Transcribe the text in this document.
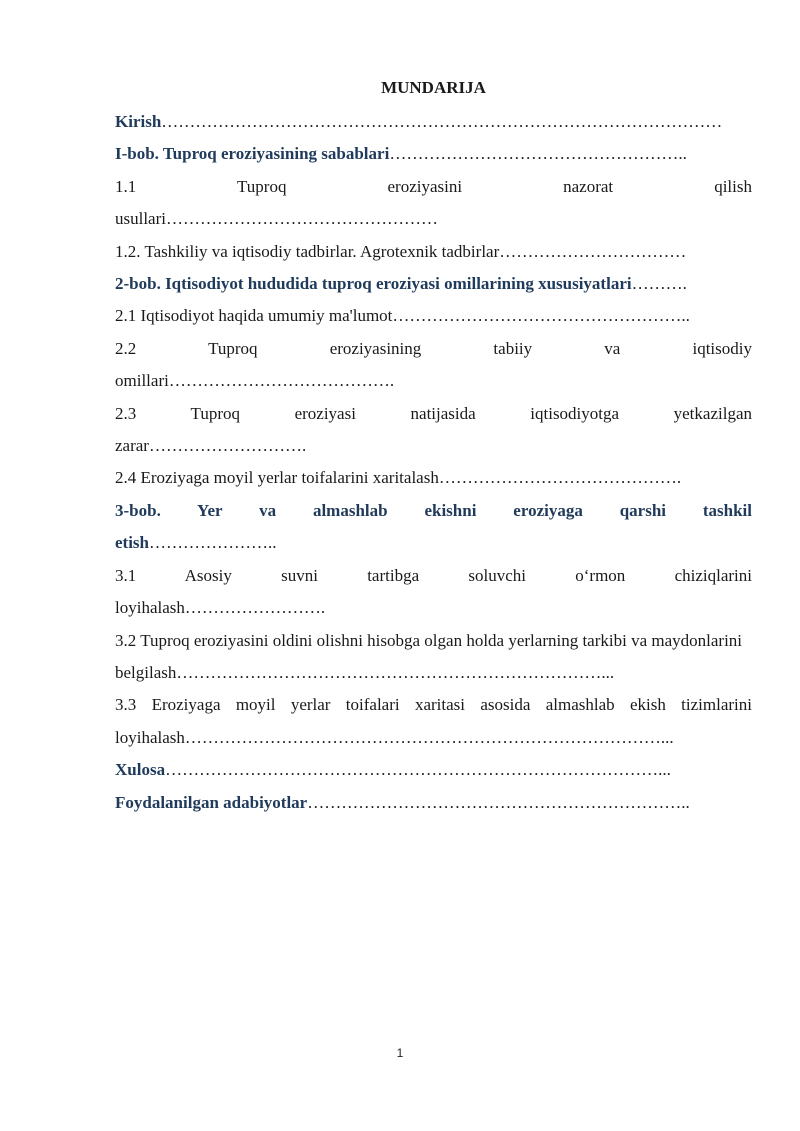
MUNDARIJA
Kirish………………………………………………………………………………………
I-bob. Tuproq eroziyasining sabablari……………………………………………..
1.1 Tuproq eroziyasini nazorat qilish
usullari…………………………………………
1.2. Tashkiliy va iqtisodiy tadbirlar. Agrotexnik tadbirlar……………………………
2-bob. Iqtisodiyot hududida tuproq eroziyasi omillarining xususiyatlari……….
2.1 Iqtisodiyot haqida umumiy ma'lumot……………………………………………..
2.2 Tuproq eroziyasining tabiiy va iqtisodiy
omillari………………………………….
2.3 Tuproq eroziyasi natijasida iqtisodiyotga yetkazilgan
zarar……………………….
2.4 Eroziyaga moyil yerlar toifalarini xaritalash…………………………………….
3-bob. Yer va almashlab ekishni eroziyaga qarshi tashkil
etish…………………..
3.1 Asosiy suvni tartibga soluvchi o‘rmon chiziqlarini
loyihalash…………………….
3.2 Tuproq eroziyasini oldini olishni hisobga olgan holda yerlarning tarkibi va maydonlarini
belgilash…………………………………………………………………...
3.3 Eroziyaga moyil yerlar toifalari xaritasi asosida almashlab ekish tizimlarini
loyihalash…………………………………………………………………………...
Xulosa……………………………………………………………………………...
Foydalanilgan adabiyotlar…………………………………………………………..
1
